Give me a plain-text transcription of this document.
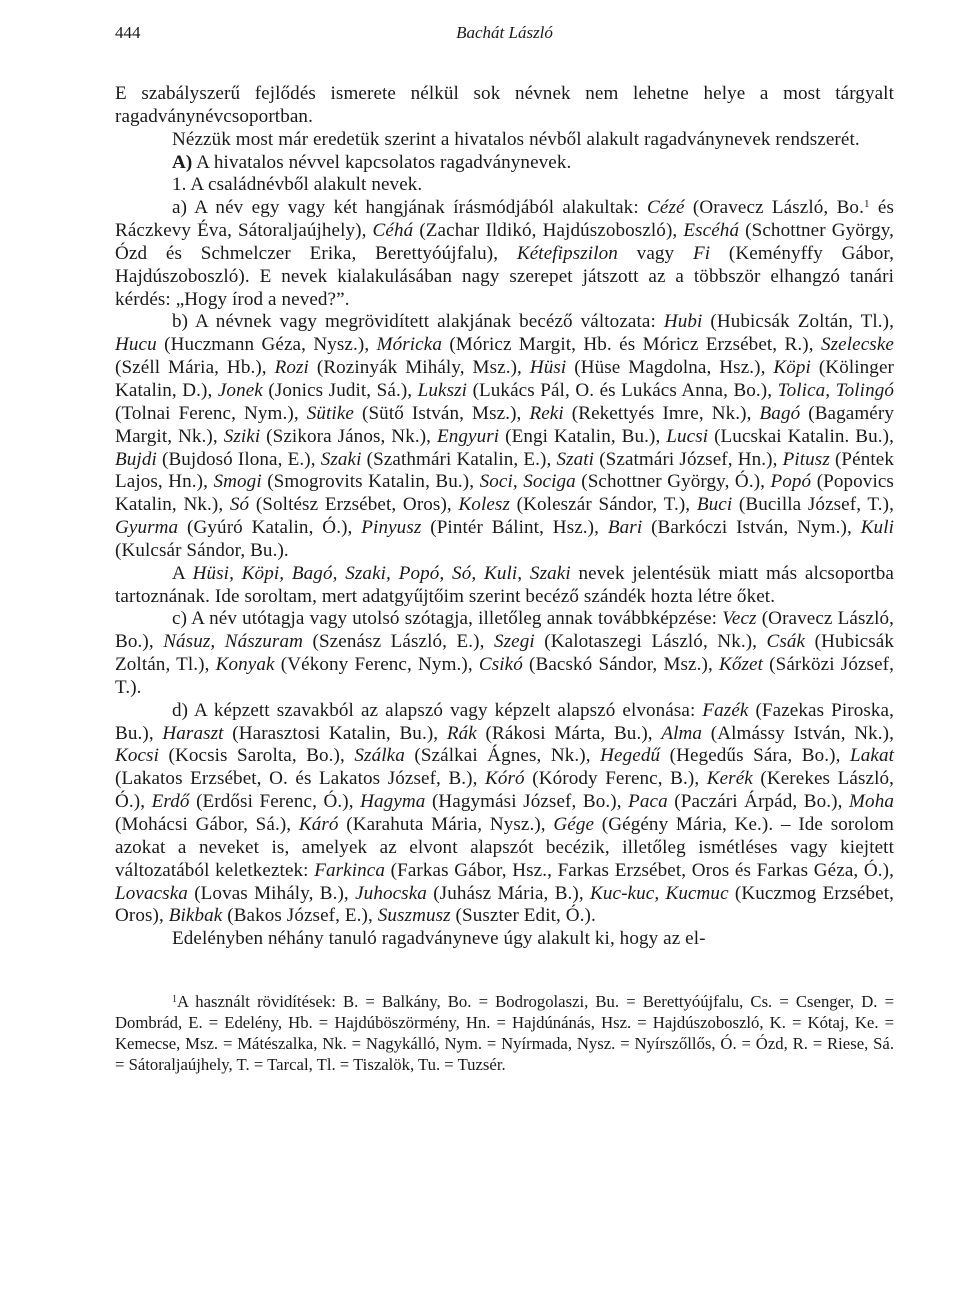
444	Bachát László

E szabályszerű fejlődés ismerete nélkül sok névnek nem lehetne helye a most tárgyalt ragadványnévcsoportban.

Nézzük most már eredetük szerint a hivatalos névből alakult ragadványnevek rendszerét.

A) A hivatalos névvel kapcsolatos ragadványnevek.

1. A családnévből alakult nevek.

a) A név egy vagy két hangjának írásmódjából alakultak: Cézé (Oravecz László, Bo.$^1$ és Ráczkevy Éva, Sátoraljaújhely), Céhá (Zachar Ildikó, Hajdúszoboszló), Escéhá (Schottner György, Ózd és Schmelczer Erika, Berettyóújfalu), Kétefipszilon vagy Fi (Keményffy Gábor, Hajdúszoboszló). E nevek kialakulásában nagy szerepet játszott az a többször elhangzó tanári kérdés: „Hogy írod a neved?”.

b) A névnek vagy megrövidített alakjának becéző változata: Hubi (Hubicsák Zoltán, Tl.), Hucu (Huczmann Géza, Nysz.), Móricka (Móricz Margit, Hb. és Móricz Erzsébet, R.), Szelecske (Széll Mária, Hb.), Rozi (Rozinyák Mihály, Msz.), Hüsi (Hüse Magdolna, Hsz.), Köpi (Kölinger Katalin, D.), Jonek (Jonics Judit, Sá.), Lukszi (Lukács Pál, O. és Lukács Anna, Bo.), Tolica, Tolingó (Tolnai Ferenc, Nym.), Sütike (Sütő István, Msz.), Reki (Rekettyés Imre, Nk.), Bagó (Bagaméry Margit, Nk.), Sziki (Szikora János, Nk.), Engyuri (Engi Katalin, Bu.), Lucsi (Lucskai Katalin. Bu.), Bujdi (Bujdosó Ilona, E.), Szaki (Szathmári Katalin, E.), Szati (Szatmári József, Hn.), Pitusz (Péntek Lajos, Hn.), Smogi (Smogrovits Katalin, Bu.), Soci, Sociga (Schottner György, Ó.), Popó (Popovics Katalin, Nk.), Só (Soltész Erzsébet, Oros), Kolesz (Koleszár Sándor, T.), Buci (Bucilla József, T.), Gyurma (Gyúró Katalin, Ó.), Pinyusz (Pintér Bálint, Hsz.), Bari (Barkóczi István, Nym.), Kuli (Kulcsár Sándor, Bu.).

A Hüsi, Köpi, Bagó, Szaki, Popó, Só, Kuli, Szaki nevek jelentésük miatt más alcsoportba tartoznának. Ide soroltam, mert adatgyűjtőim szerint becéző szándék hozta létre őket.

c) A név utótagja vagy utolsó szótagja, illetőleg annak továbbképzése: Vecz (Oravecz László, Bo.), Násuz, Nászuram (Szenász László, E.), Szegi (Kalotaszegi László, Nk.), Csák (Hubicsák Zoltán, Tl.), Konyak (Vékony Ferenc, Nym.), Csikó (Bacskó Sándor, Msz.), Kőzet (Sárközi József, T.).

d) A képzett szavakból az alapszó vagy képzelt alapszó elvonása: Fazék (Fazekas Piroska, Bu.), Haraszt (Harasztosi Katalin, Bu.), Rák (Rákosi Márta, Bu.), Alma (Almássy István, Nk.), Kocsi (Kocsis Sarolta, Bo.), Szálka (Szálkai Ágnes, Nk.), Hegedű (Hegedűs Sára, Bo.), Lakat (Lakatos Erzsébet, O. és Lakatos József, B.), Kóró (Kórody Ferenc, B.), Kerék (Kerekes László, Ó.), Erdő (Erdősi Ferenc, Ó.), Hagyma (Hagymási József, Bo.), Paca (Paczári Árpád, Bo.), Moha (Mohácsi Gábor, Sá.), Káró (Karahuta Mária, Nysz.), Gége (Gégény Mária, Ke.). – Ide sorolom azokat a neveket is, amelyek az elvont alapszót becézik, illetőleg ismétléses vagy kiejtett változatából keletkeztek: Farkinca (Farkas Gábor, Hsz., Farkas Erzsébet, Oros és Farkas Géza, Ó.), Lovacska (Lovas Mihály, B.), Juhocska (Juhász Mária, B.), Kuc-kuc, Kucmuc (Kuczmog Erzsébet, Oros), Bikbak (Bakos József, E.), Suszmusz (Suszter Edit, Ó.).

Edelényben néhány tanuló ragadványneve úgy alakult ki, hogy az el-

$^1$A használt rövidítések: B. = Balkány, Bo. = Bodrogolaszi, Bu. = Berettyóújfalu, Cs. = Csenger, D. = Dombrád, E. = Edelény, Hb. = Hajdúböszörmény, Hn. = Hajdúnánás, Hsz. = Hajdúszoboszló, K. = Kótaj, Ke. = Kemecse, Msz. = Mátészalka, Nk. = Nagykálló, Nym. = Nyírmada, Nysz. = Nyírszőllős, Ó. = Ózd, R. = Riese, Sá. = Sátoraljaújhely, T. = Tarcal, Tl. = Tiszalök, Tu. = Tuzsér.
